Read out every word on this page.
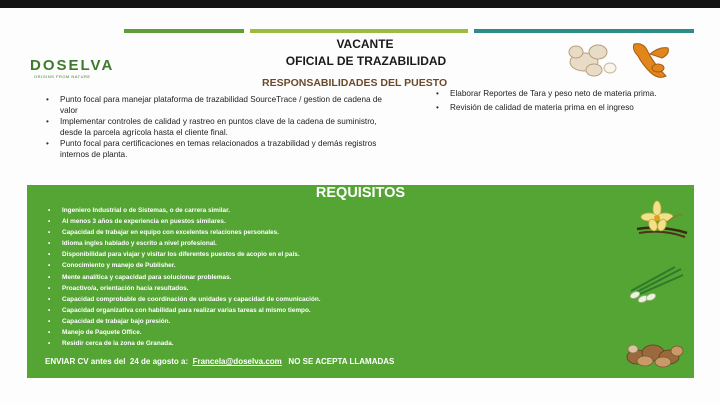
DOSELVA
ORIGINS FROM NATURE
VACANTE
OFICIAL DE TRAZABILIDAD
RESPONSABILIDADES DEL PUESTO
• Punto focal para manejar plataforma de trazabilidad SourceTrace / gestion de cadena de valor
• Implementar controles de calidad y rastreo en puntos clave de la cadena de suministro, desde la parcela agrícola hasta el cliente final.
• Punto focal para certificaciones en temas relacionados a trazabilidad y demás registros internos de planta.
• Elaborar Reportes de Tara y peso neto de materia prima.
• Revisión de calidad de materia prima en el ingreso
REQUISITOS
• Ingeniero Industrial o de Sistemas, o de carrera similar.
• Al menos 3 años de experiencia en puestos similares.
• Capacidad de trabajar en equipo con excelentes relaciones personales.
• Idioma ingles hablado y escrito a nivel profesional.
• Disponibilidad para viajar y visitar los diferentes puestos de acopio en el país.
• Conocimiento y manejo de Publisher.
• Mente analítica y capacidad para solucionar problemas.
• Proactivo/a, orientación hacia resultados.
• Capacidad comprobable de coordinación de unidades y capacidad de comunicación.
• Capacidad organizativa con habilidad para realizar varias tareas al mismo tiempo.
• Capacidad de trabajar bajo presión.
• Manejo de Paquete Office.
• Residir cerca de la zona de Granada.
ENVIAR CV antes del  24 de agosto a:  Francela@doselva.com   NO SE ACEPTA LLAMADAS
